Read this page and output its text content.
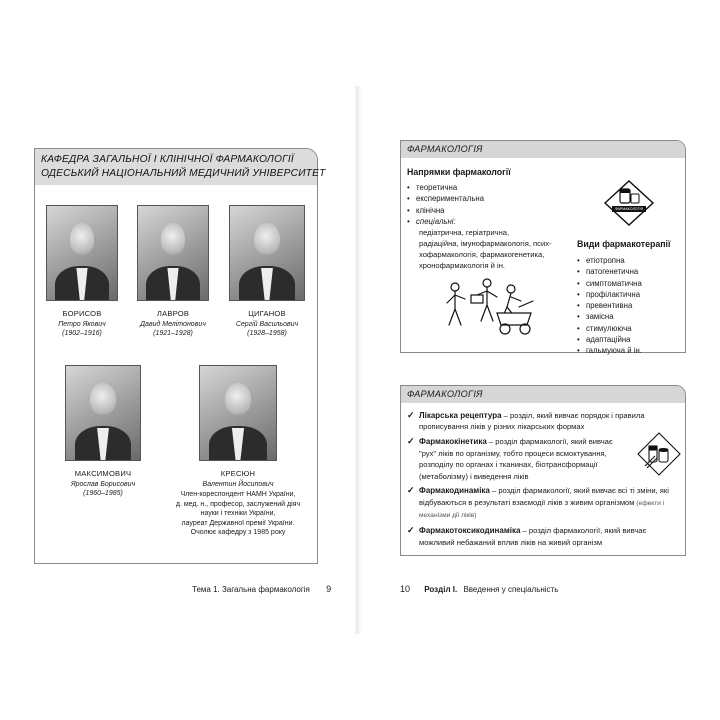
КАФЕДРА ЗАГАЛЬНОЇ І КЛІНІЧНОЇ ФАРМАКОЛОГІЇ
ОДЕСЬКИЙ НАЦІОНАЛЬНИЙ МЕДИЧНИЙ УНІВЕРСИТЕТ
БОРИСОВ
Петро Якович
(1902–1916)
ЛАВРОВ
Давид Мелітонович
(1921–1928)
ЦИГАНОВ
Сергій Васильович
(1928–1958)
МАКСИМОВИЧ
Ярослав Борисович
(1960–1985)
КРЕСЮН
Валентин Йосипович
Член-кореспондент НАМН України,
д. мед. н., професор, заслужений діяч
науки і техніки України,
лауреат Державної премії України.
Очолює кафедру з 1985 року
Тема 1. Загальна фармакологія 9
ФАРМАКОЛОГІЯ
Напрямки фармакології
• теоретична
• експериментальна
• клінічна
• спеціальні:
педіатрична, геріатрична,
радіаційна, імунофармакологія, псих-
хофармакологія, фармакогенетика,
хронофармакологія й ін.
ФАРМАКОЛОГІЯ
Види фармакотерапії
• етіотропна
• патогенетична
• симптоматична
• профілактична
• превентивна
• замісна
• стимулююча
• адаптаційна
• гальмуюча й ін.
ФАРМАКОЛОГІЯ
✓ Лікарська рецептура – розділ, який вивчає порядок і правила прописування ліків у різних лікарських формах
✓ Фармакокінетика – розділ фармакології, який вивчає "рух" ліків по організму, тобто процеси всмоктування, розподілу по органах і тканинах, біотрансформації (метаболізму) і виведення ліків
✓ Фармакодинаміка – розділ фармакології, який вивчає всі ті зміни, які відбуваються в результаті взаємодії ліків з живим організмом (ефекти і механізми дії ліків)
✓ Фармакотоксикодинаміка – розділ фармакології, який вивчає можливий небажаний вплив ліків на живий організм
10 Розділ І. Введення у спеціальність
